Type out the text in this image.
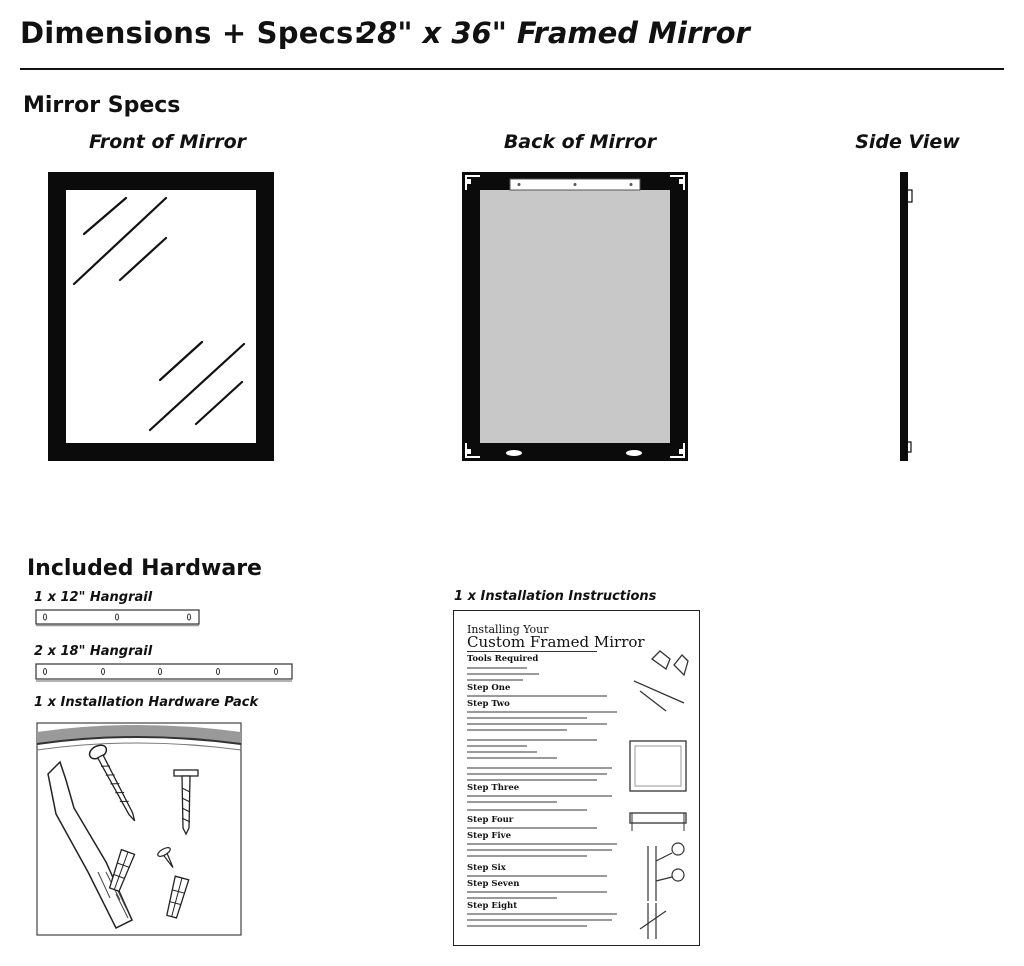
Dimensions + Specs:
28" x 36" Framed Mirror
Mirror Specs
Front of Mirror	Back of Mirror	Side View
Included Hardware
1 x 12" Hangrail
2 x 18" Hangrail
1 x Installation Hardware Pack
1 x Installation Instructions
Installing Your
Custom Framed Mirror
Tools Required
Step One
Step Two
Step Three
Step Four
Step Five
Step Six
Step Seven
Step Eight
